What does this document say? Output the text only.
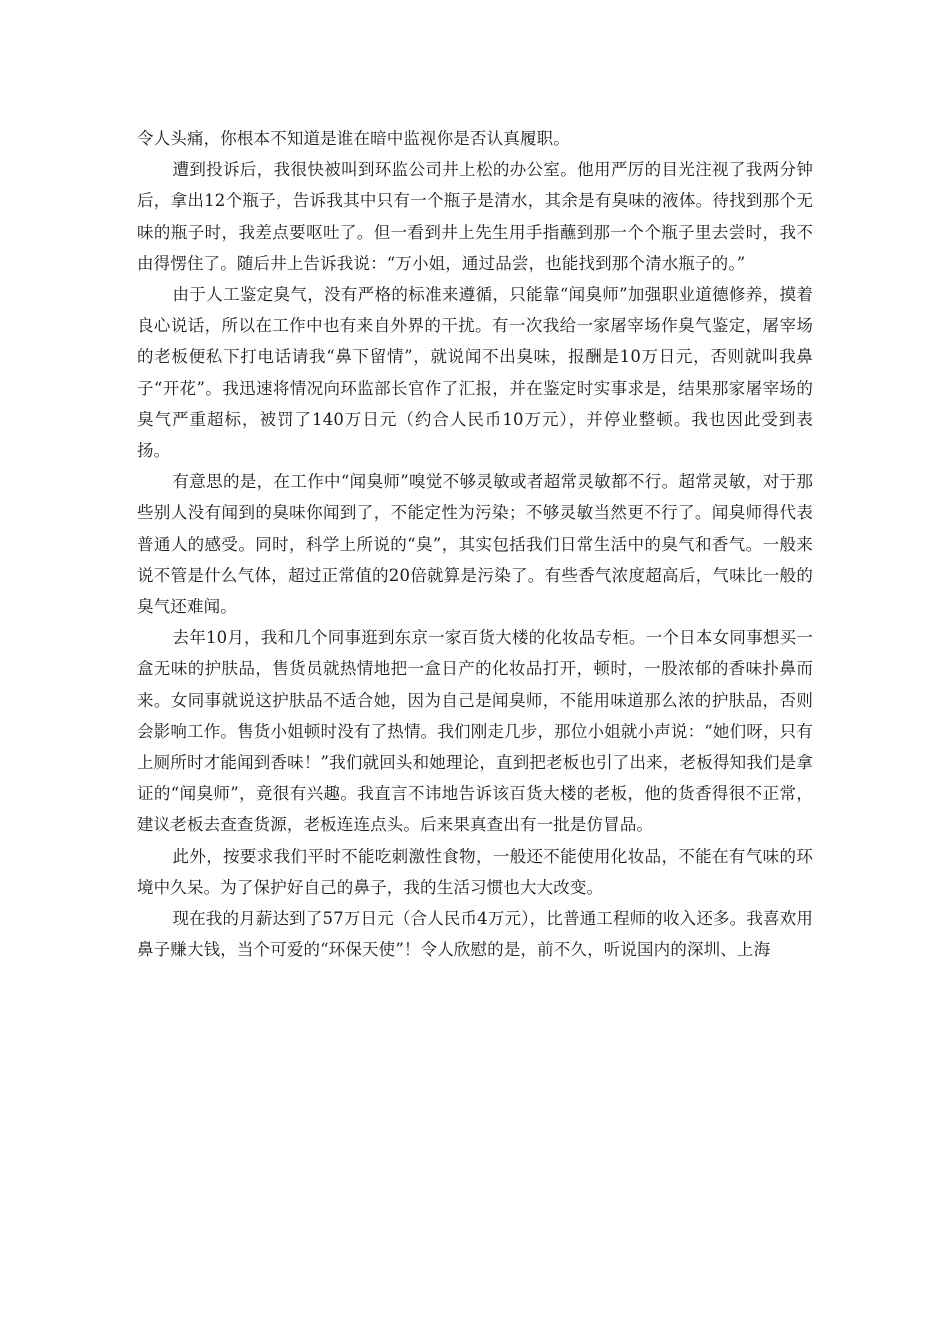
令人头痛，你根本不知道是谁在暗中监视你是否认真履职。

遭到投诉后，我很快被叫到环监公司井上松的办公室。他用严厉的目光注视了我两分钟后，拿出12个瓶子，告诉我其中只有一个瓶子是清水，其余是有臭味的液体。待找到那个无味的瓶子时，我差点要呕吐了。但一看到井上先生用手指蘸到那一个个瓶子里去尝时，我不由得愣住了。随后井上告诉我说：“万小姐，通过品尝，也能找到那个清水瓶子的。”

由于人工鉴定臭气，没有严格的标准来遵循，只能靠“闻臭师”加强职业道德修养，摸着良心说话，所以在工作中也有来自外界的干扰。有一次我给一家屠宰场作臭气鉴定，屠宰场的老板便私下打电话请我“鼻下留情”，就说闻不出臭味，报酬是10万日元，否则就叫我鼻子“开花”。我迅速将情况向环监部长官作了汇报，并在鉴定时实事求是，结果那家屠宰场的臭气严重超标，被罚了140万日元（约合人民币10万元），并停业整顿。我也因此受到表扬。

有意思的是，在工作中“闻臭师”嗅觉不够灵敏或者超常灵敏都不行。超常灵敏，对于那些别人没有闻到的臭味你闻到了，不能定性为污染；不够灵敏当然更不行了。闻臭师得代表普通人的感受。同时，科学上所说的“臭”，其实包括我们日常生活中的臭气和香气。一般来说不管是什么气体，超过正常值的20倍就算是污染了。有些香气浓度超高后，气味比一般的臭气还难闻。

去年10月，我和几个同事逛到东京一家百货大楼的化妆品专柜。一个日本女同事想买一盒无味的护肤品，售货员就热情地把一盒日产的化妆品打开，顿时，一股浓郁的香味扑鼻而来。女同事就说这护肤品不适合她，因为自己是闻臭师，不能用味道那么浓的护肤品，否则会影响工作。售货小姐顿时没有了热情。我们刚走几步，那位小姐就小声说：“她们呀，只有上厕所时才能闻到香味！”我们就回头和她理论，直到把老板也引了出来，老板得知我们是拿证的“闻臭师”，竟很有兴趣。我直言不讳地告诉该百货大楼的老板，他的货香得很不正常，建议老板去查查货源，老板连连点头。后来果真查出有一批是仿冒品。

此外，按要求我们平时不能吃刺激性食物，一般还不能使用化妆品，不能在有气味的环境中久呆。为了保护好自己的鼻子，我的生活习惯也大大改变。

现在我的月薪达到了57万日元（合人民币4万元），比普通工程师的收入还多。我喜欢用鼻子赚大钱，当个可爱的“环保天使”！令人欣慰的是，前不久，听说国内的深圳、上海
